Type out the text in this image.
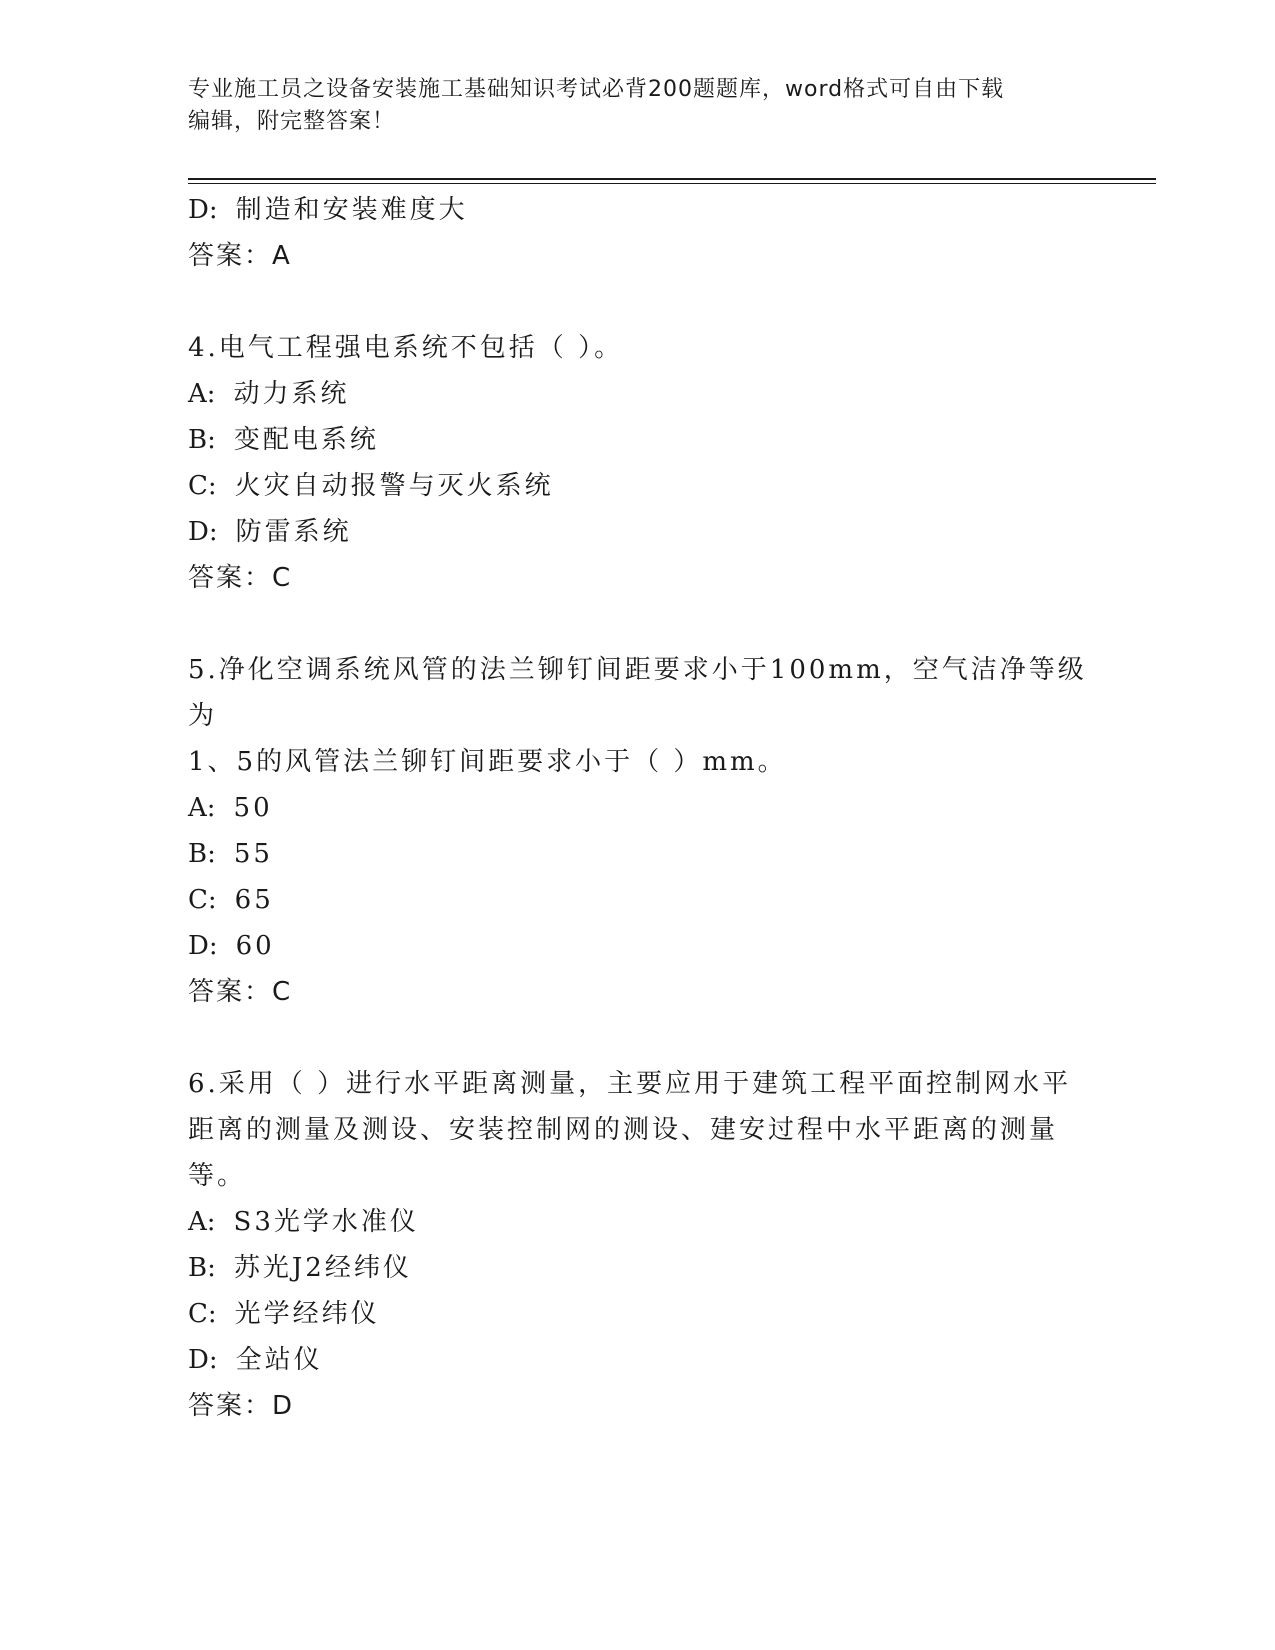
专业施工员之设备安装施工基础知识考试必背200题题库，word格式可自由下载
编辑，附完整答案！
D: 制造和安装难度大
答案：A
4.电气工程强电系统不包括（ ）。
A: 动力系统
B: 变配电系统
C: 火灾自动报警与灭火系统
D: 防雷系统
答案：C
5.净化空调系统风管的法兰铆钉间距要求小于100mm，空气洁净等级为
1、5的风管法兰铆钉间距要求小于（ ）mm。
A: 50
B: 55
C: 65
D: 60
答案：C
6.采用（ ）进行水平距离测量，主要应用于建筑工程平面控制网水平
距离的测量及测设、安装控制网的测设、建安过程中水平距离的测量
等。
A: S3光学水准仪
B: 苏光J2经纬仪
C: 光学经纬仪
D: 全站仪
答案：D
